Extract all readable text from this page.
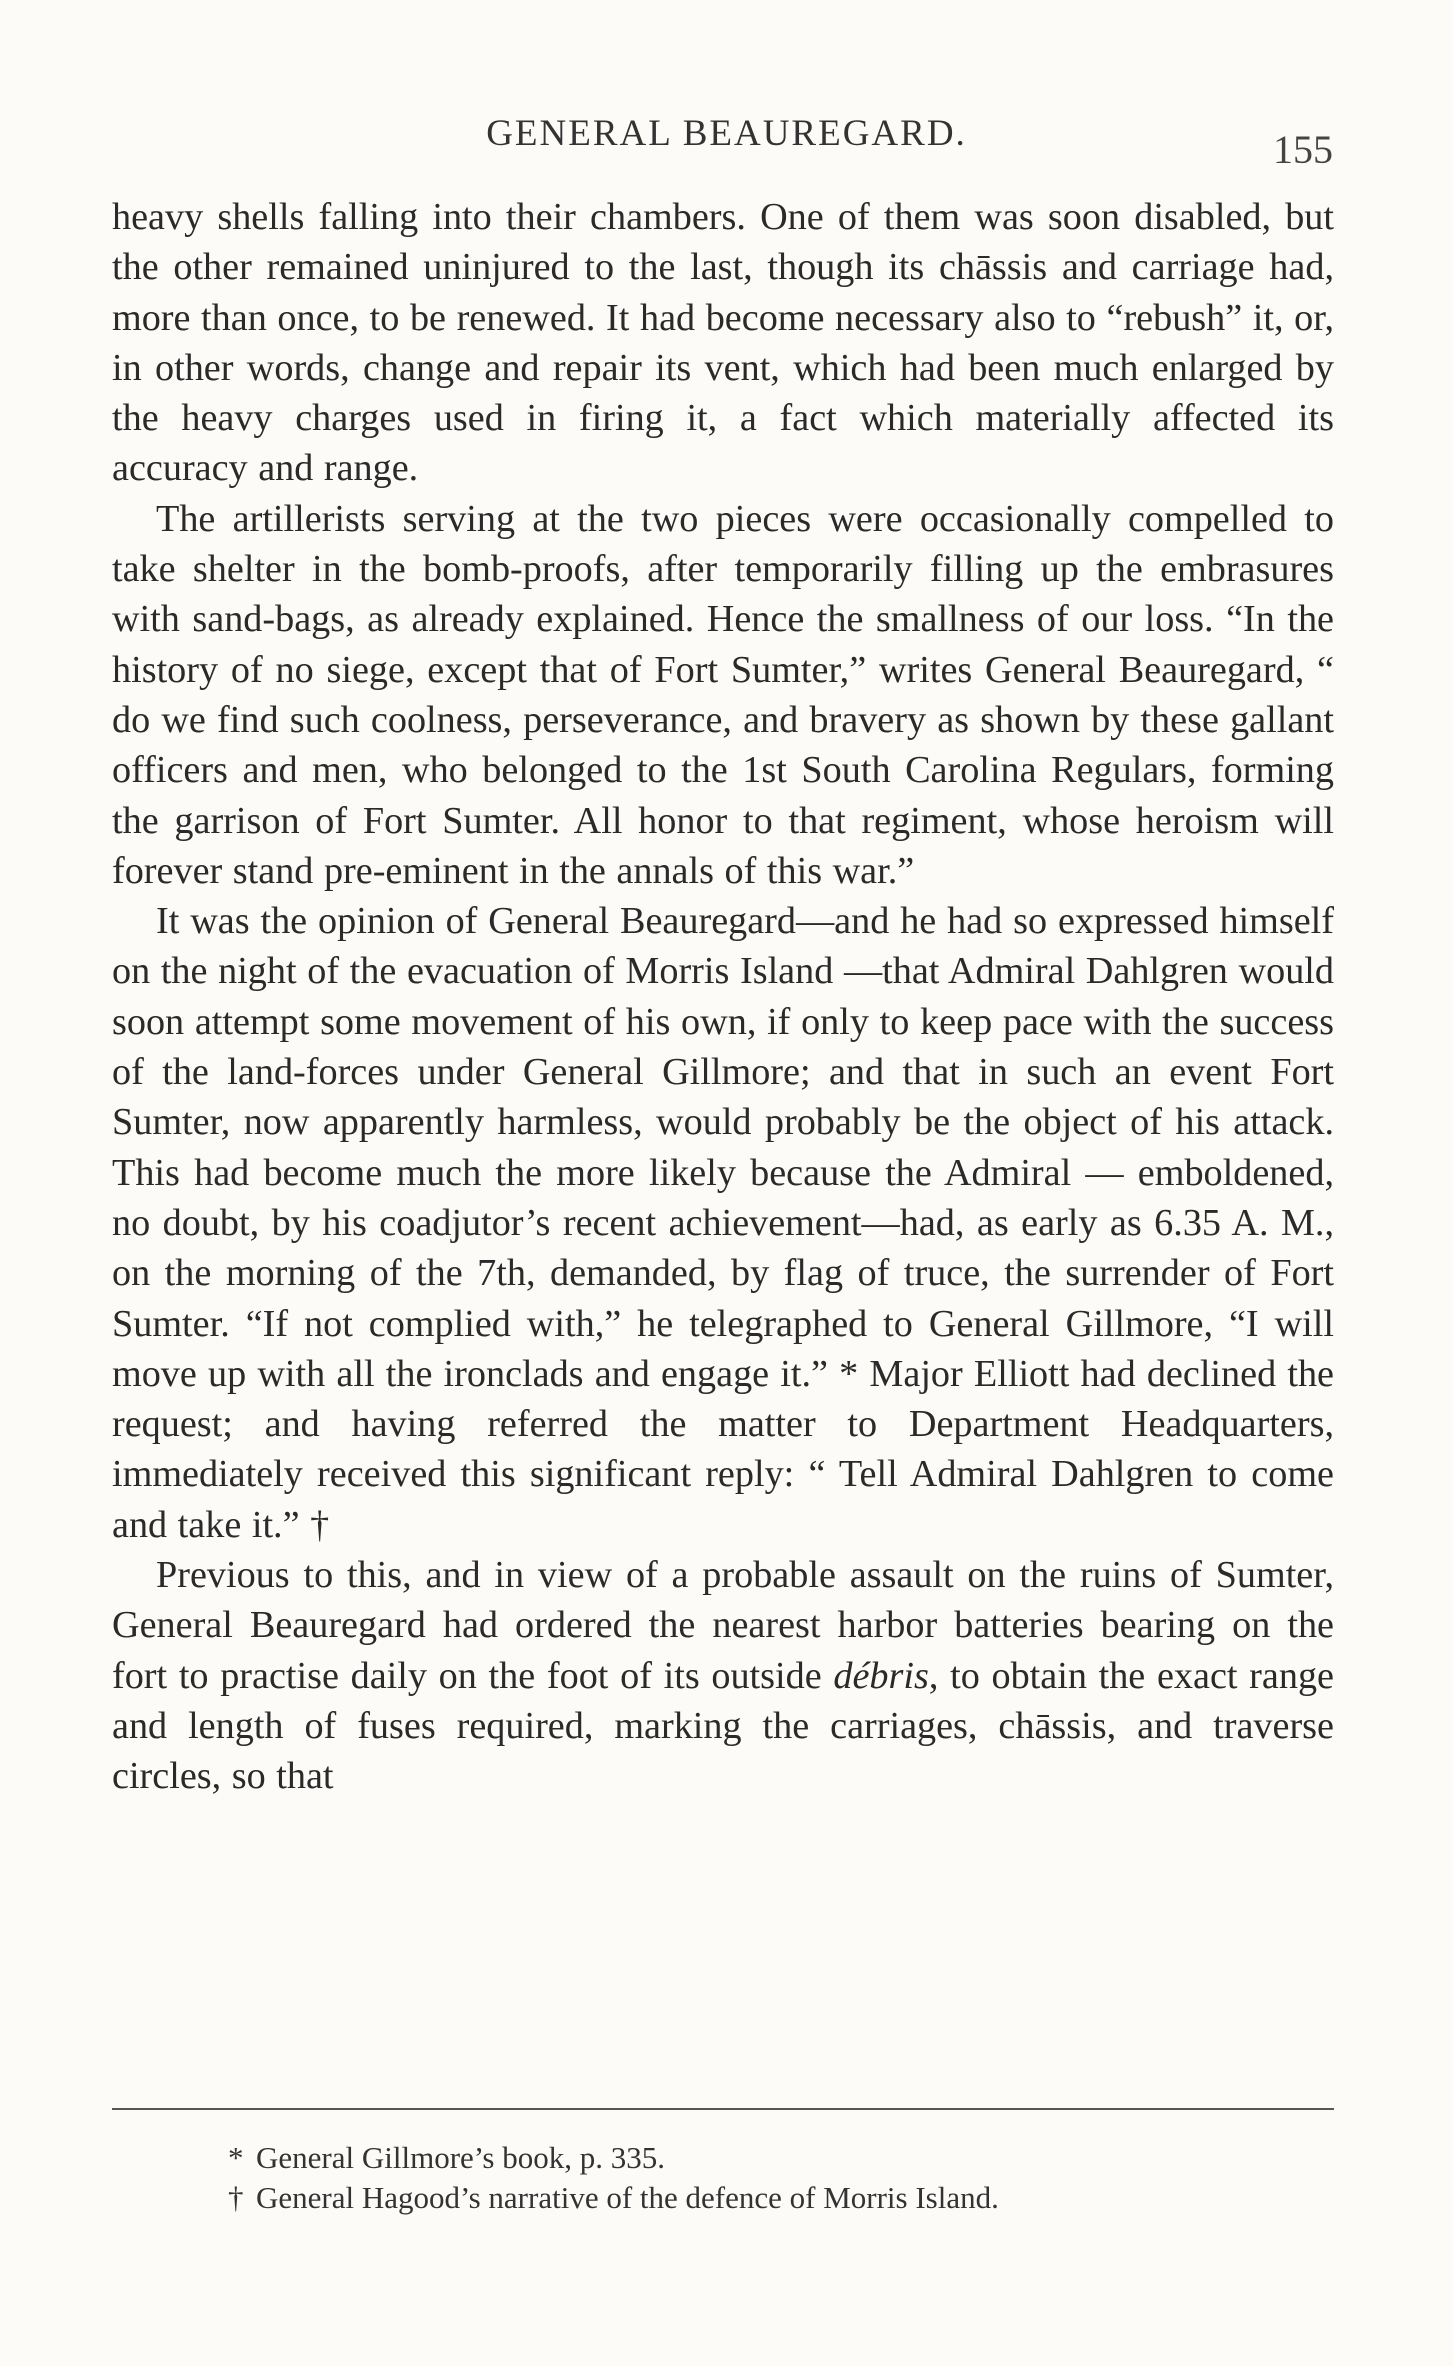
GENERAL BEAUREGARD.	155

heavy shells falling into their chambers. One of them was soon disabled, but the other remained uninjured to the last, though its chāssis and carriage had, more than once, to be renewed. It had become necessary also to “rebush” it, or, in other words, change and repair its vent, which had been much enlarged by the heavy charges used in firing it, a fact which materially affected its accuracy and range.

The artillerists serving at the two pieces were occasionally compelled to take shelter in the bomb-proofs, after temporarily filling up the embrasures with sand-bags, as already explained. Hence the smallness of our loss. “In the history of no siege, except that of Fort Sumter,” writes General Beauregard, “ do we find such coolness, perseverance, and bravery as shown by these gallant officers and men, who belonged to the 1st South Carolina Regulars, forming the garrison of Fort Sumter. All honor to that regiment, whose heroism will forever stand pre-eminent in the annals of this war.”

It was the opinion of General Beauregard—and he had so expressed himself on the night of the evacuation of Morris Island —that Admiral Dahlgren would soon attempt some movement of his own, if only to keep pace with the success of the land-forces under General Gillmore; and that in such an event Fort Sumter, now apparently harmless, would probably be the object of his attack. This had become much the more likely because the Admiral — emboldened, no doubt, by his coadjutor’s recent achievement—had, as early as 6.35 A. M., on the morning of the 7th, demanded, by flag of truce, the surrender of Fort Sumter. “If not complied with,” he telegraphed to General Gillmore, “I will move up with all the ironclads and engage it.” * Major Elliott had declined the request; and having referred the matter to Department Headquarters, immediately received this significant reply: “ Tell Admiral Dahlgren to come and take it.” †

Previous to this, and in view of a probable assault on the ruins of Sumter, General Beauregard had ordered the nearest harbor batteries bearing on the fort to practise daily on the foot of its outside débris, to obtain the exact range and length of fuses required, marking the carriages, chāssis, and traverse circles, so that

* General Gillmore’s book, p. 335.

† General Hagood’s narrative of the defence of Morris Island.
